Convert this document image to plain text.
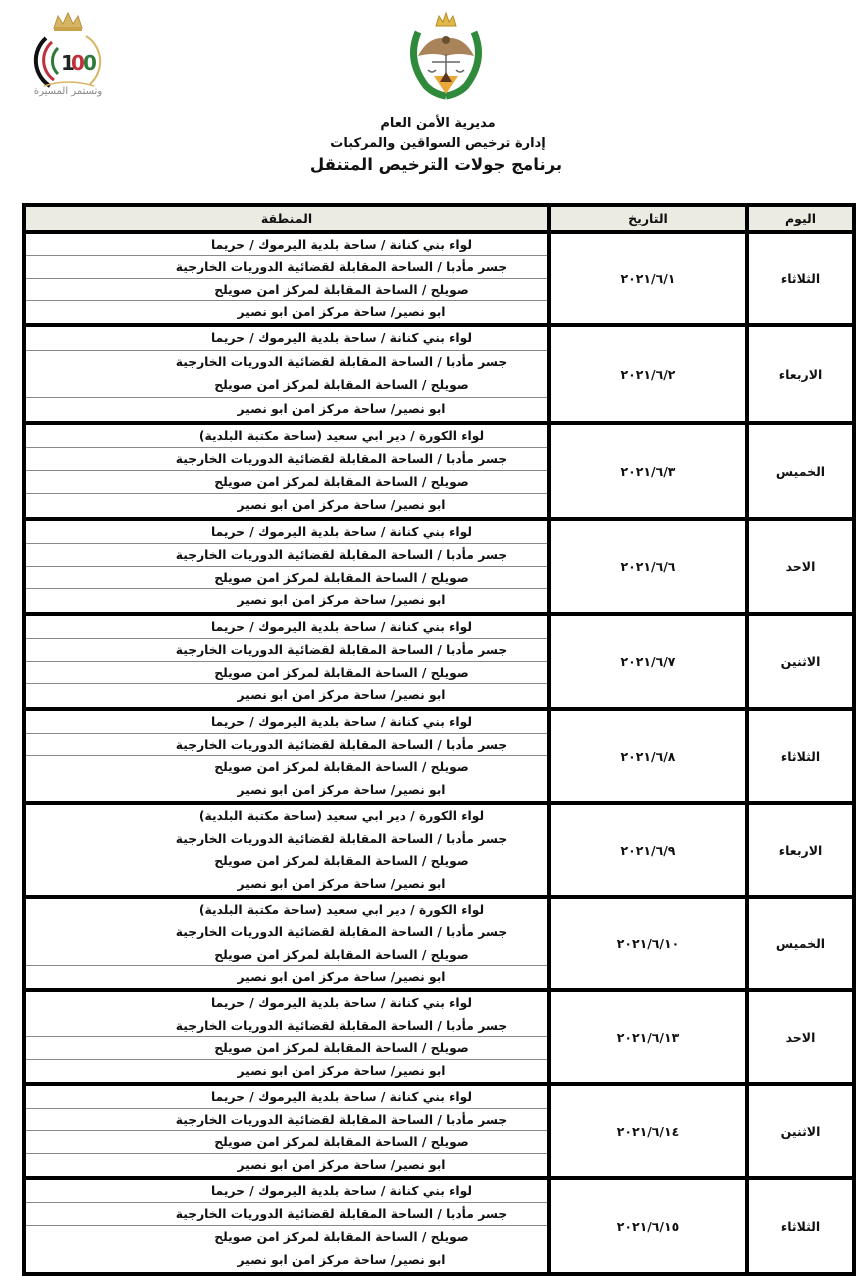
1
0
0
وتستمر المسيرة
مديرية الأمن العام
إدارة ترخيص السواقين والمركبات
برنامج جولات الترخيص المتنقل
اليوم	التاريخ	المنطقة
الثلاثاء	٢٠٢١/٦/١	لواء بني كنانة / ساحة بلدية اليرموك / حريما
جسر مأدبا / الساحة المقابلة لقضائية الدوريات الخارجية
صويلح / الساحة المقابلة لمركز امن صويلح
ابو نصير/ ساحة مركز امن ابو نصير

الاربعاء	٢٠٢١/٦/٢	لواء بني كنانة / ساحة بلدية اليرموك / حريما
جسر مأدبا / الساحة المقابلة لقضائية الدوريات الخارجية
صويلح / الساحة المقابلة لمركز امن صويلح
ابو نصير/ ساحة مركز امن ابو نصير

الخميس	٢٠٢١/٦/٣	لواء الكورة / دير ابي سعيد (ساحة مكتبة البلدية)
جسر مأدبا / الساحة المقابلة لقضائية الدوريات الخارجية
صويلح / الساحة المقابلة لمركز امن صويلح
ابو نصير/ ساحة مركز امن ابو نصير

الاحد	٢٠٢١/٦/٦	لواء بني كنانة / ساحة بلدية اليرموك / حريما
جسر مأدبا / الساحة المقابلة لقضائية الدوريات الخارجية
صويلح / الساحة المقابلة لمركز امن صويلح
ابو نصير/ ساحة مركز امن ابو نصير

الاثنين	٢٠٢١/٦/٧	لواء بني كنانة / ساحة بلدية اليرموك / حريما
جسر مأدبا / الساحة المقابلة لقضائية الدوريات الخارجية
صويلح / الساحة المقابلة لمركز امن صويلح
ابو نصير/ ساحة مركز امن ابو نصير

الثلاثاء	٢٠٢١/٦/٨	لواء بني كنانة / ساحة بلدية اليرموك / حريما
جسر مأدبا / الساحة المقابلة لقضائية الدوريات الخارجية
صويلح / الساحة المقابلة لمركز امن صويلح
ابو نصير/ ساحة مركز امن ابو نصير

الاربعاء	٢٠٢١/٦/٩	لواء الكورة / دير ابي سعيد (ساحة مكتبة البلدية)
جسر مأدبا / الساحة المقابلة لقضائية الدوريات الخارجية
صويلح / الساحة المقابلة لمركز امن صويلح
ابو نصير/ ساحة مركز امن ابو نصير

الخميس	٢٠٢١/٦/١٠	لواء الكورة / دير ابي سعيد (ساحة مكتبة البلدية)
جسر مأدبا / الساحة المقابلة لقضائية الدوريات الخارجية
صويلح / الساحة المقابلة لمركز امن صويلح
ابو نصير/ ساحة مركز امن ابو نصير

الاحد	٢٠٢١/٦/١٣	لواء بني كنانة / ساحة بلدية اليرموك / حريما
جسر مأدبا / الساحة المقابلة لقضائية الدوريات الخارجية
صويلح / الساحة المقابلة لمركز امن صويلح
ابو نصير/ ساحة مركز امن ابو نصير

الاثنين	٢٠٢١/٦/١٤	لواء بني كنانة / ساحة بلدية اليرموك / حريما
جسر مأدبا / الساحة المقابلة لقضائية الدوريات الخارجية
صويلح / الساحة المقابلة لمركز امن صويلح
ابو نصير/ ساحة مركز امن ابو نصير

الثلاثاء	٢٠٢١/٦/١٥	لواء بني كنانة / ساحة بلدية اليرموك / حريما
جسر مأدبا / الساحة المقابلة لقضائية الدوريات الخارجية
صويلح / الساحة المقابلة لمركز امن صويلح
ابو نصير/ ساحة مركز امن ابو نصير
